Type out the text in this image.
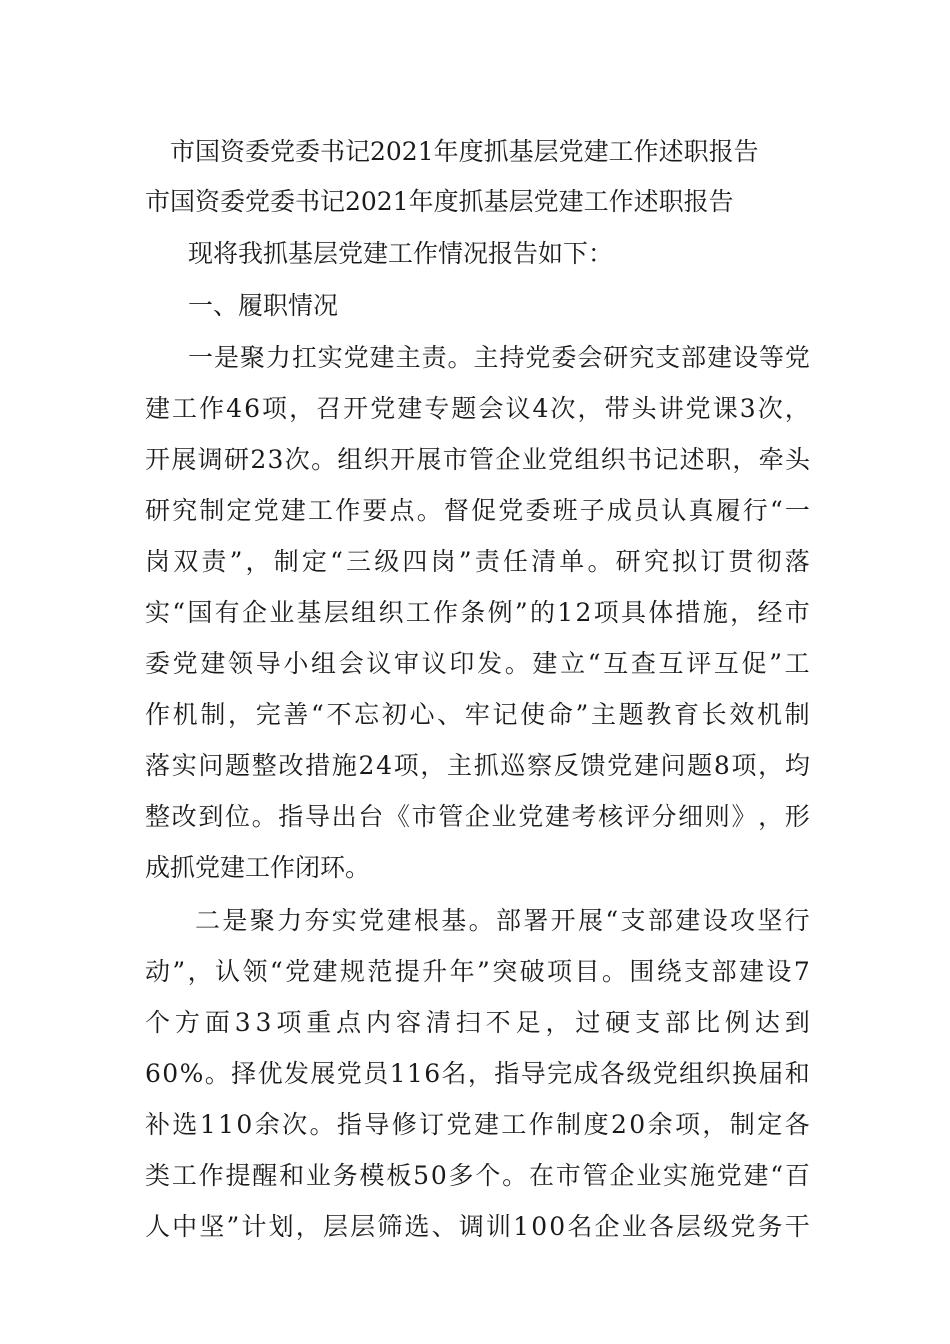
市国资委党委书记2021年度抓基层党建工作述职报告
市国资委党委书记2021年度抓基层党建工作述职报告
现将我抓基层党建工作情况报告如下：
一、履职情况
一 是 聚 力 扛 实 党 建 主 责 。 主 持 党 委 会 研 究 支 部 建 设 等 党
建 工 作 4 6 项 ， 召 开 党 建 专 题 会 议 4 次 ， 带 头 讲 党 课 3 次 ，
开 展 调 研 2 3 次 。 组 织 开 展 市 管 企 业 党 组 织 书 记 述 职 ， 牵 头
研 究 制 定 党 建 工 作 要 点 。 督 促 党 委 班 子 成 员 认 真 履 行 “ 一
岗 双 责 ” ， 制 定 “ 三 级 四 岗 ” 责 任 清 单 。 研 究 拟 订 贯 彻 落
实 “ 国 有 企 业 基 层 组 织 工 作 条 例 ” 的 1 2 项 具 体 措 施 ， 经 市
委 党 建 领 导 小 组 会 议 审 议 印 发 。 建 立 “ 互 查 互 评 互 促 ” 工
作 机 制 ， 完 善 “ 不 忘 初 心 、 牢 记 使 命 ” 主 题 教 育 长 效 机 制
落 实 问 题 整 改 措 施 2 4 项 ， 主 抓 巡 察 反 馈 党 建 问 题 8 项 ， 均
整 改 到 位 。 指 导 出 台 《 市 管 企 业 党 建 考 核 评 分 细 则 》 ， 形
成抓党建工作闭环。
二 是 聚 力 夯 实 党 建 根 基 。 部 署 开 展 “ 支 部 建 设 攻 坚 行
动 ” ， 认 领 “ 党 建 规 范 提 升 年 ” 突 破 项 目 。 围 绕 支 部 建 设 7
个 方 面 3 3 项 重 点 内 容 清 扫 不 足 ， 过 硬 支 部 比 例 达 到
6 0 % 。 择 优 发 展 党 员 1 1 6 名 ， 指 导 完 成 各 级 党 组 织 换 届 和
补 选 1 1 0 余 次 。 指 导 修 订 党 建 工 作 制 度 2 0 余 项 ， 制 定 各
类 工 作 提 醒 和 业 务 模 板 5 0 多 个 。 在 市 管 企 业 实 施 党 建 “ 百
人 中 坚 ” 计 划 ， 层 层 筛 选 、 调 训 1 0 0 名 企 业 各 层 级 党 务 干
